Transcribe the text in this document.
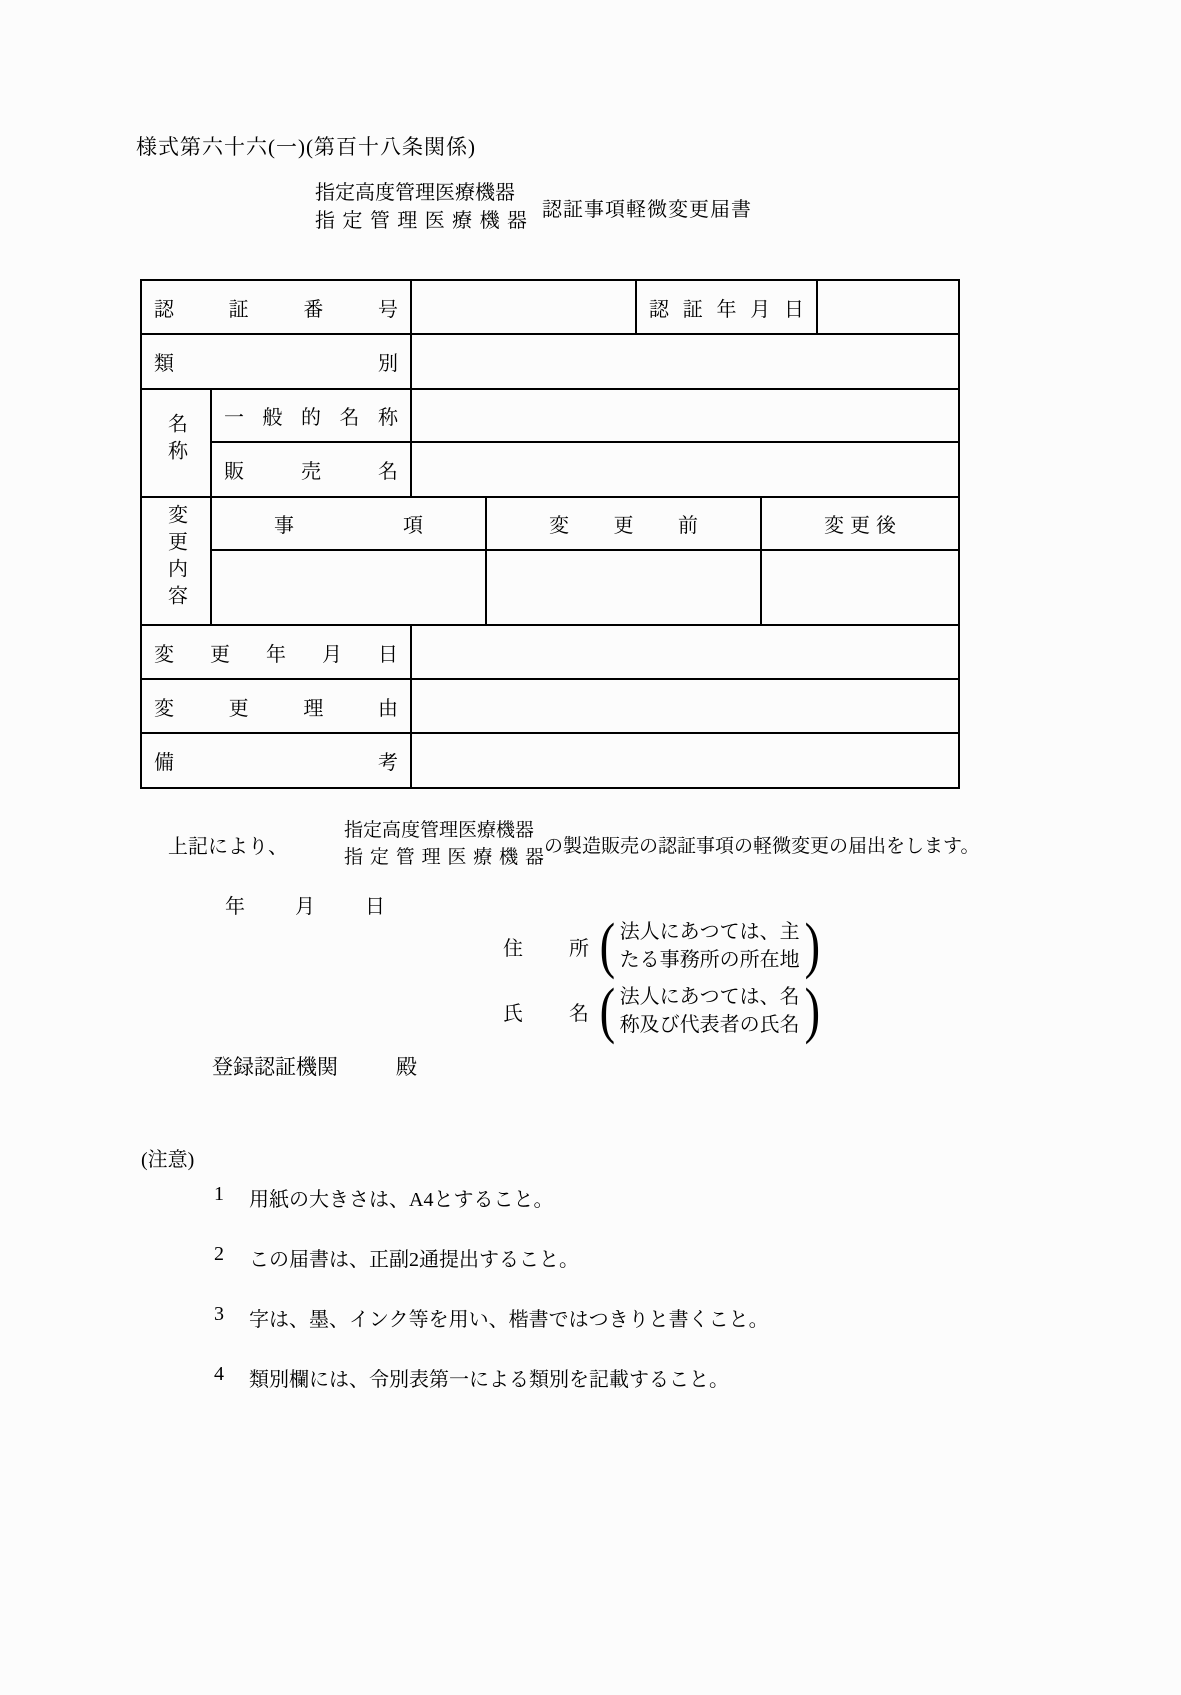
様式第六十六(一)(第百十八条関係)
指定高度管理医療機器
指定管理医療機器
認証事項軽微変更届書
認証番号				認証年月日		
類別						
名称	一般的名称					
	販売名					
変更内容	事項		変更前		変更後	

変更年月日						
変更理由						
備考						
上記により、
指定高度管理医療機器
指定管理医療機器
の製造販売の認証事項の軽微変更の届出をします。
年	月	日
住所 ( 法人にあつては、主
たる事務所の所在地 )
氏名 ( 法人にあつては、名
称及び代表者の氏名 )
登録認証機関	殿
(注意)
1	用紙の大きさは、A4とすること。
2	この届書は、正副2通提出すること。
3	字は、墨、インク等を用い、楷書ではつきりと書くこと。
4	類別欄には、令別表第一による類別を記載すること。
